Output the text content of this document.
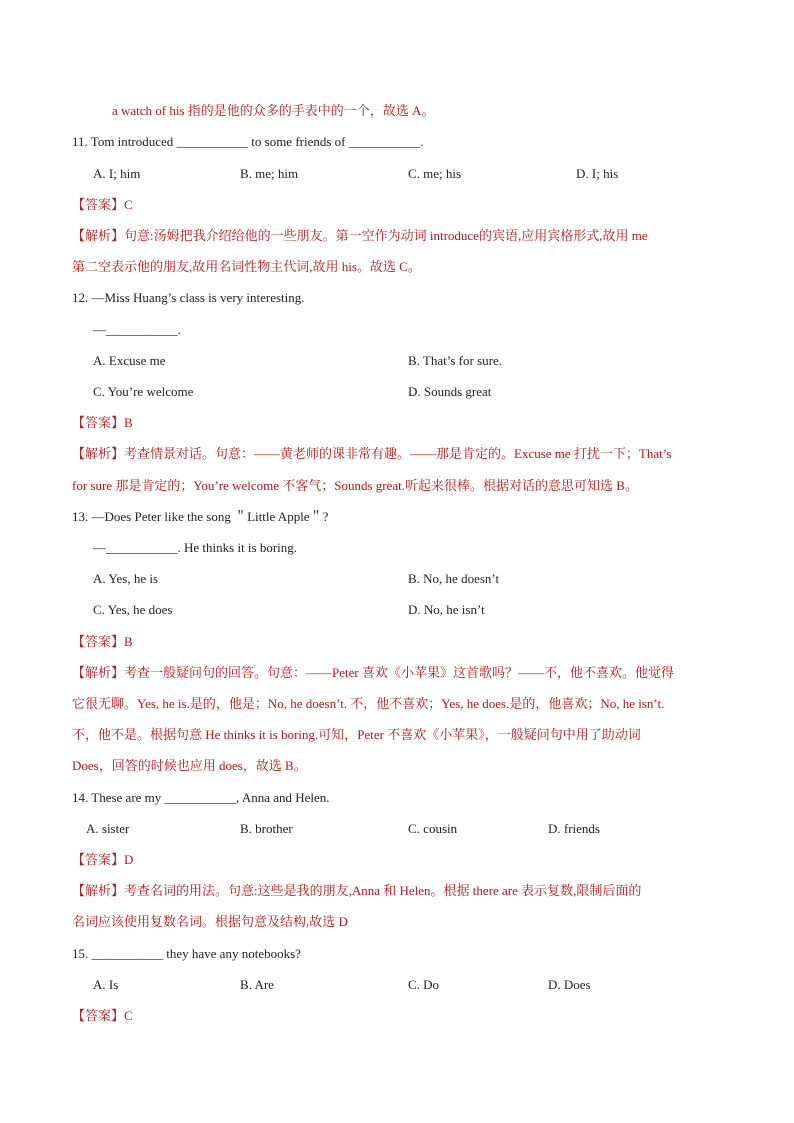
a watch of his 指的是他的众多的手表中的一个，故选 A。
11. Tom introduced ___________ to some friends of ___________.
A. I; him	B. me; him	C. me; his	D. I; his
【答案】C
【解析】句意:汤姆把我介绍给他的一些朋友。第一空作为动词 introduce的宾语,应用宾格形式,故用 me
第二空表示他的朋友,故用名词性物主代词,故用 his。故选 C。
12. —Miss Huang’s class is very interesting.
—___________.
A. Excuse me	B. That’s for sure.
C. You’re welcome	D. Sounds great
【答案】B
【解析】考查情景对话。句意：——黄老师的课非常有趣。——那是肯定的。Excuse me 打扰一下；That’s
for sure 那是肯定的；You’re welcome 不客气；Sounds great.听起来很棒。根据对话的意思可知选 B。
13. —Does Peter like the song ＂Little Apple＂?
—___________. He thinks it is boring.
A. Yes, he is	B. No, he doesn’t
C. Yes, he does	D. No, he isn’t
【答案】B
【解析】考查一般疑问句的回答。句意：——Peter 喜欢《小苹果》这首歌吗？——不，他不喜欢。他觉得
它很无聊。Yes, he is.是的，他是；No, he doesn’t. 不，他不喜欢；Yes, he does.是的，他喜欢；No, he isn’t.
不，他不是。根据句意 He thinks it is boring.可知，Peter 不喜欢《小苹果》，一般疑问句中用了助动词
Does，回答的时候也应用 does，故选 B。
14. These are my ___________, Anna and Helen.
A. sister	B. brother	C. cousin	D. friends
【答案】D
【解析】考查名词的用法。句意:这些是我的朋友,Anna 和 Helen。根据 there are 表示复数,限制后面的
名词应该使用复数名词。根据句意及结构,故选 D
15. ___________ they have any notebooks?
A. Is	B. Are	C. Do	D. Does
【答案】C
